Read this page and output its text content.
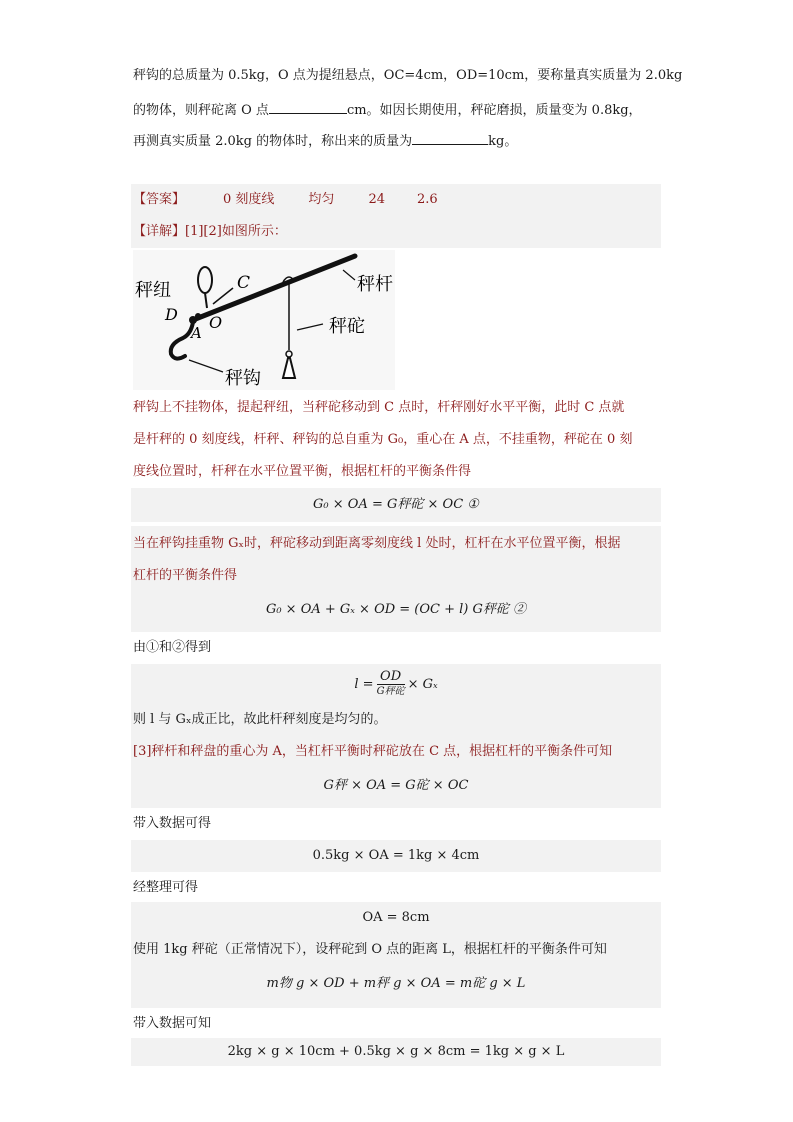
秤钩的总质量为 0.5kg，O 点为提纽悬点，OC=4cm，OD=10cm，要称量真实质量为 2.0kg
的物体，则秤砣离 O 点	cm。如因长期使用，秤砣磨损，质量变为 0.8kg，
再测真实质量 2.0kg 的物体时，称出来的质量为	kg。
【答案】	0 刻度线	均匀	24 2.6
【详解】[1][2]如图所示：
秤纽	C
D
A
O
秤杆
秤砣
秤钩
秤钩上不挂物体，提起秤纽，当秤砣移动到 C 点时，杆秤刚好水平平衡，此时 C 点就
是杆秤的 0 刻度线，杆秤、秤钩的总自重为 G₀，重心在 A 点，不挂重物，秤砣在 0 刻
度线位置时，杆秤在水平位置平衡，根据杠杆的平衡条件得
G₀ × OA = G秤砣 × OC ①
当在秤钩挂重物 Gₓ时，秤砣移动到距离零刻度线 l 处时，杠杆在水平位置平衡，根据
杠杆的平衡条件得
G₀ × OA + Gₓ × OD = (OC + l) G秤砣 ②
由①和②得到
$l = \frac{OD}{\text{G秤砣}} \times G_x$
则 l 与 Gₓ成正比，故此杆秤刻度是均匀的。
[3]秤杆和秤盘的重心为 A，当杠杆平衡时秤砣放在 C 点，根据杠杆的平衡条件可知
G秤 × OA = G砣 × OC
带入数据可得
0.5kg × OA = 1kg × 4cm
经整理可得
OA = 8cm
使用 1kg 秤砣（正常情况下），设秤砣到 O 点的距离 L，根据杠杆的平衡条件可知
m物 g × OD + m秤 g × OA = m砣 g × L
带入数据可知
2kg × g × 10cm + 0.5kg × g × 8cm = 1kg × g × L
